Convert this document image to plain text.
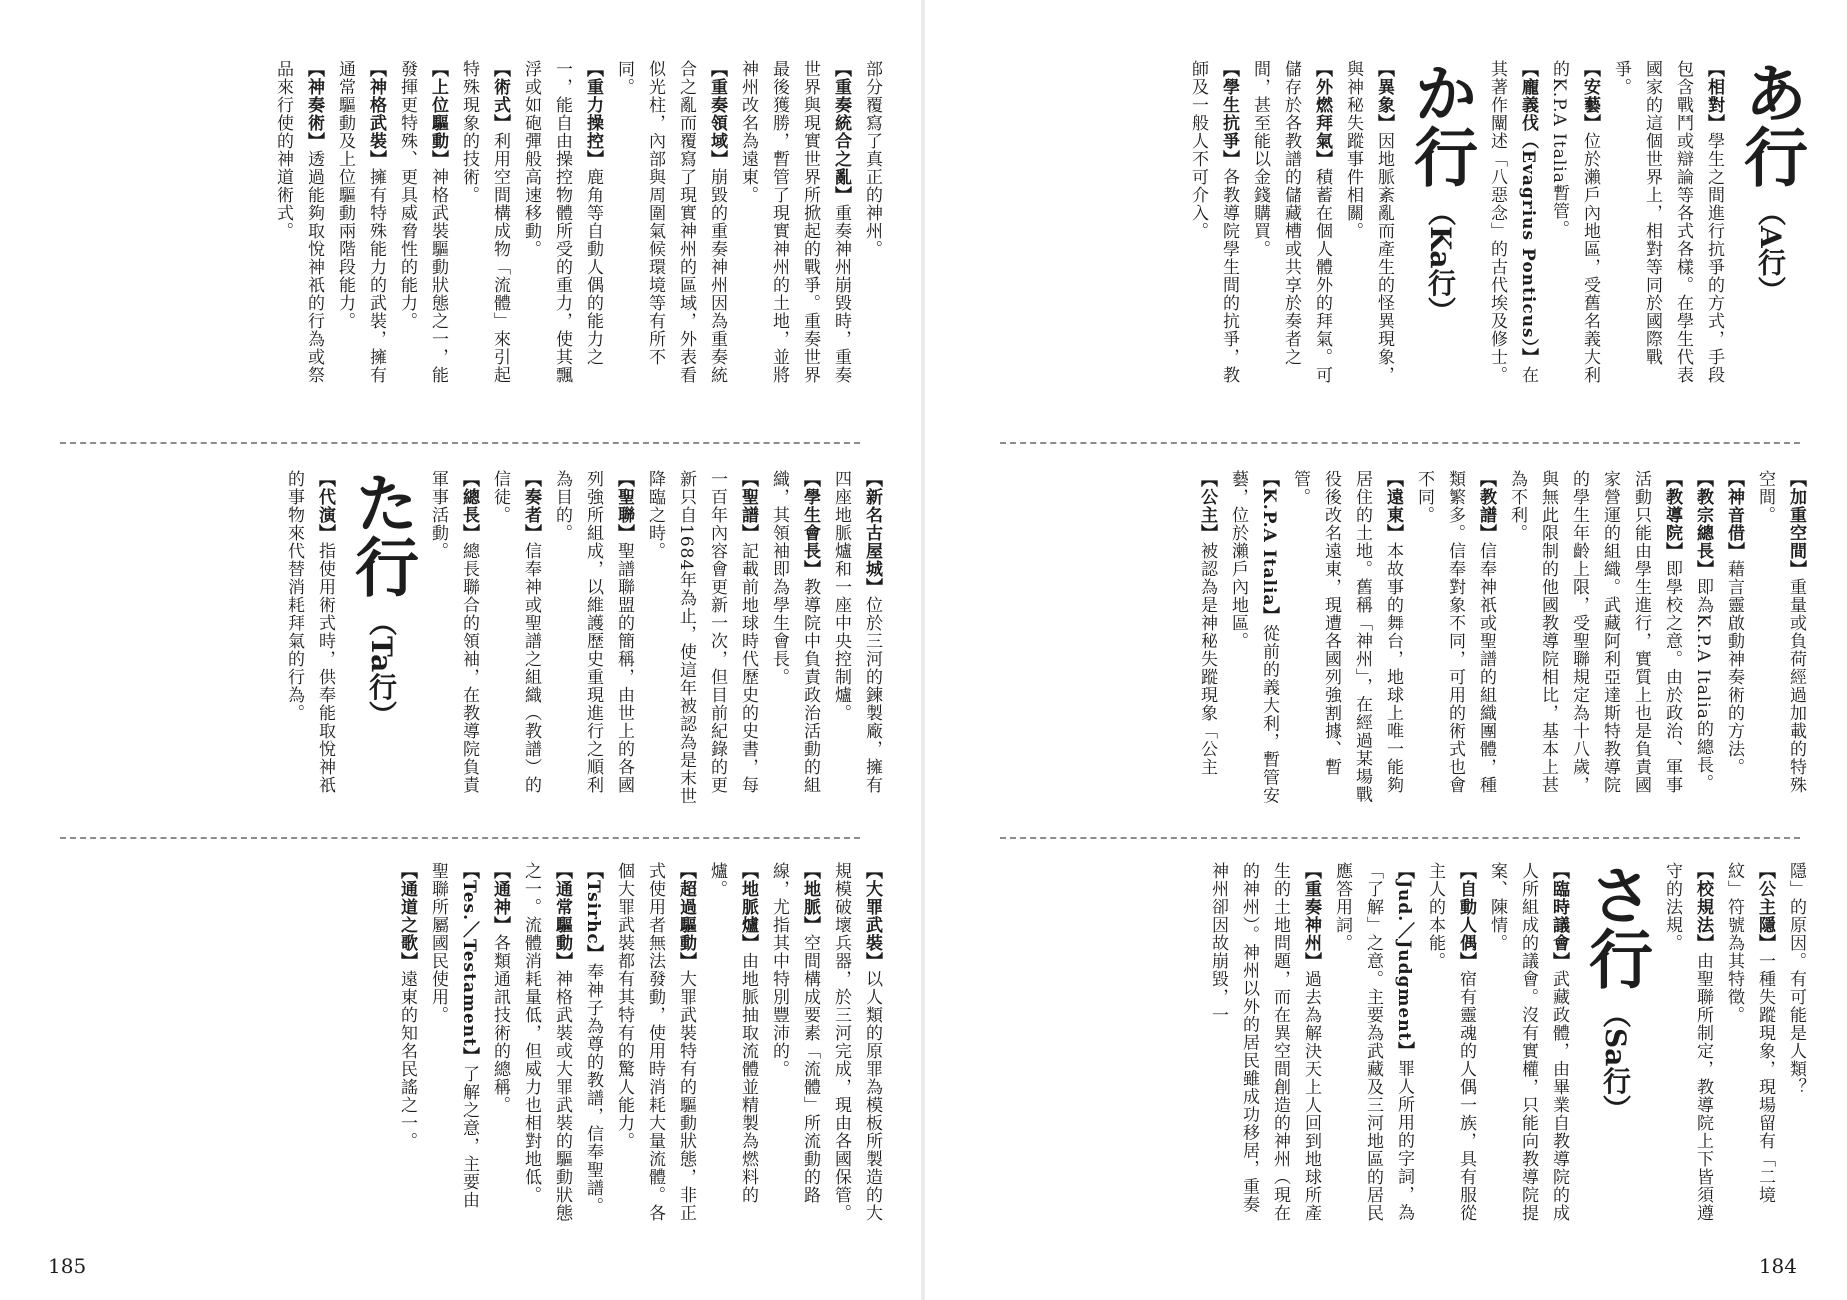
部分覆寫了真正的神州。
【重奏統合之亂】重奏神州崩毀時，重奏世界與現實世界所掀起的戰爭。重奏世界最後獲勝，暫管了現實神州的土地，並將神州改名為遠東。
【重奏領域】崩毀的重奏神州因為重奏統合之亂而覆寫了現實神州的區域，外表看似光柱，內部與周圍氣候環境等有所不同。
【重力操控】鹿角等自動人偶的能力之一，能自由操控物體所受的重力，使其飄浮或如砲彈般高速移動。
【術式】利用空間構成物「流體」來引起特殊現象的技術。
【上位驅動】神格武裝驅動狀態之一，能發揮更特殊、更具威脅性的能力。
【神格武裝】擁有特殊能力的武裝，擁有通常驅動及上位驅動兩階段能力。
【神奏術】透過能夠取悅神祇的行為或祭品來行使的神道術式。
【新名古屋城】位於三河的鍊製廠，擁有四座地脈爐和一座中央控制爐。
【學生會長】教導院中負責政治活動的組織，其領袖即為學生會長。
【聖譜】記載前地球時代歷史的史書，每一百年內容會更新一次，但目前紀錄的更新只自1684年為止，使這年被認為是末世降臨之時。
【聖聯】聖譜聯盟的簡稱，由世上的各國列強所組成，以維護歷史重現進行之順利為目的。
【奏者】信奉神或聖譜之組織（教譜）的信徒。
【總長】總長聯合的領袖，在教導院負責軍事活動。
た行
（Ta行）
【代演】指使用術式時，供奉能取悅神祇的事物來代替消耗拜氣的行為。
【大罪武裝】以人類的原罪為模板所製造的大規模破壞兵器，於三河完成，現由各國保管。
【地脈】空間構成要素「流體」所流動的路線，尤指其中特別豐沛的。
【地脈爐】由地脈抽取流體並精製為燃料的爐。
【超過驅動】大罪武裝特有的驅動狀態，非正式使用者無法發動，使用時消耗大量流體。各個大罪武裝都有其特有的驚人能力。
【Tsirhc】奉神子為尊的教譜，信奉聖譜。
【通常驅動】神格武裝或大罪武裝的驅動狀態之一。流體消耗量低，但威力也相對地低。
【通神】各類通訊技術的總稱。
【Tes.／Testament】了解之意，主要由聖聯所屬國民使用。
【通道之歌】遠東的知名民謠之一。
185
あ行
（A行）
【相對】學生之間進行抗爭的方式，手段包含戰鬥或辯論等各式各樣。在學生代表國家的這個世界上，相對等同於國際戰爭。
【安藝】位於瀨戶內地區，受舊名義大利的K.P.A Italia暫管。
【龐義伐（Evagrius Ponticus）】在其著作闡述「八惡念」的古代埃及修士。
か行
（Ka行）
【異象】因地脈紊亂而產生的怪異現象，與神秘失蹤事件相關。
【外燃拜氣】積蓄在個人體外的拜氣。可儲存於各教譜的儲藏槽或共享於奏者之間，甚至能以金錢購買。
【學生抗爭】各教導院學生間的抗爭，教師及一般人不可介入。
【加重空間】重量或負荷經過加載的特殊空間。
【神音借】藉言靈啟動神奏術的方法。
【教宗總長】即為K.P.A Italia的總長。
【教導院】即學校之意。由於政治、軍事活動只能由學生進行，實質上也是負責國家營運的組織。武藏阿利亞達斯特教導院的學生年齡上限，受聖聯規定為十八歲，與無此限制的他國教導院相比，基本上甚為不利。
【教譜】信奉神祇或聖譜的組織團體，種類繁多。信奉對象不同，可用的術式也會不同。
【遠東】本故事的舞台，地球上唯一能夠居住的土地。舊稱「神州」，在經過某場戰役後改名遠東，現遭各國列強割據、暫管。
【K.P.A Italia】從前的義大利，暫管安藝，位於瀨戶內地區。
【公主】被認為是神秘失蹤現象「公主
隱」的原因。有可能是人類？
【公主隱】一種失蹤現象，現場留有「二境紋」符號為其特徵。
【校規法】由聖聯所制定，教導院上下皆須遵守的法規。
さ行
（Sa行）
【臨時議會】武藏政體，由畢業自教導院的成人所組成的議會。沒有實權，只能向教導院提案、陳情。
【自動人偶】宿有靈魂的人偶一族，具有服從主人的本能。
【Jud.／Judgment】罪人所用的字詞，為「了解」之意。主要為武藏及三河地區的居民應答用詞。
【重奏神州】過去為解決天上人回到地球所產生的土地問題，而在異空間創造的神州（現在的神州）。神州以外的居民雖成功移居，重奏神州卻因故崩毀，一
184
